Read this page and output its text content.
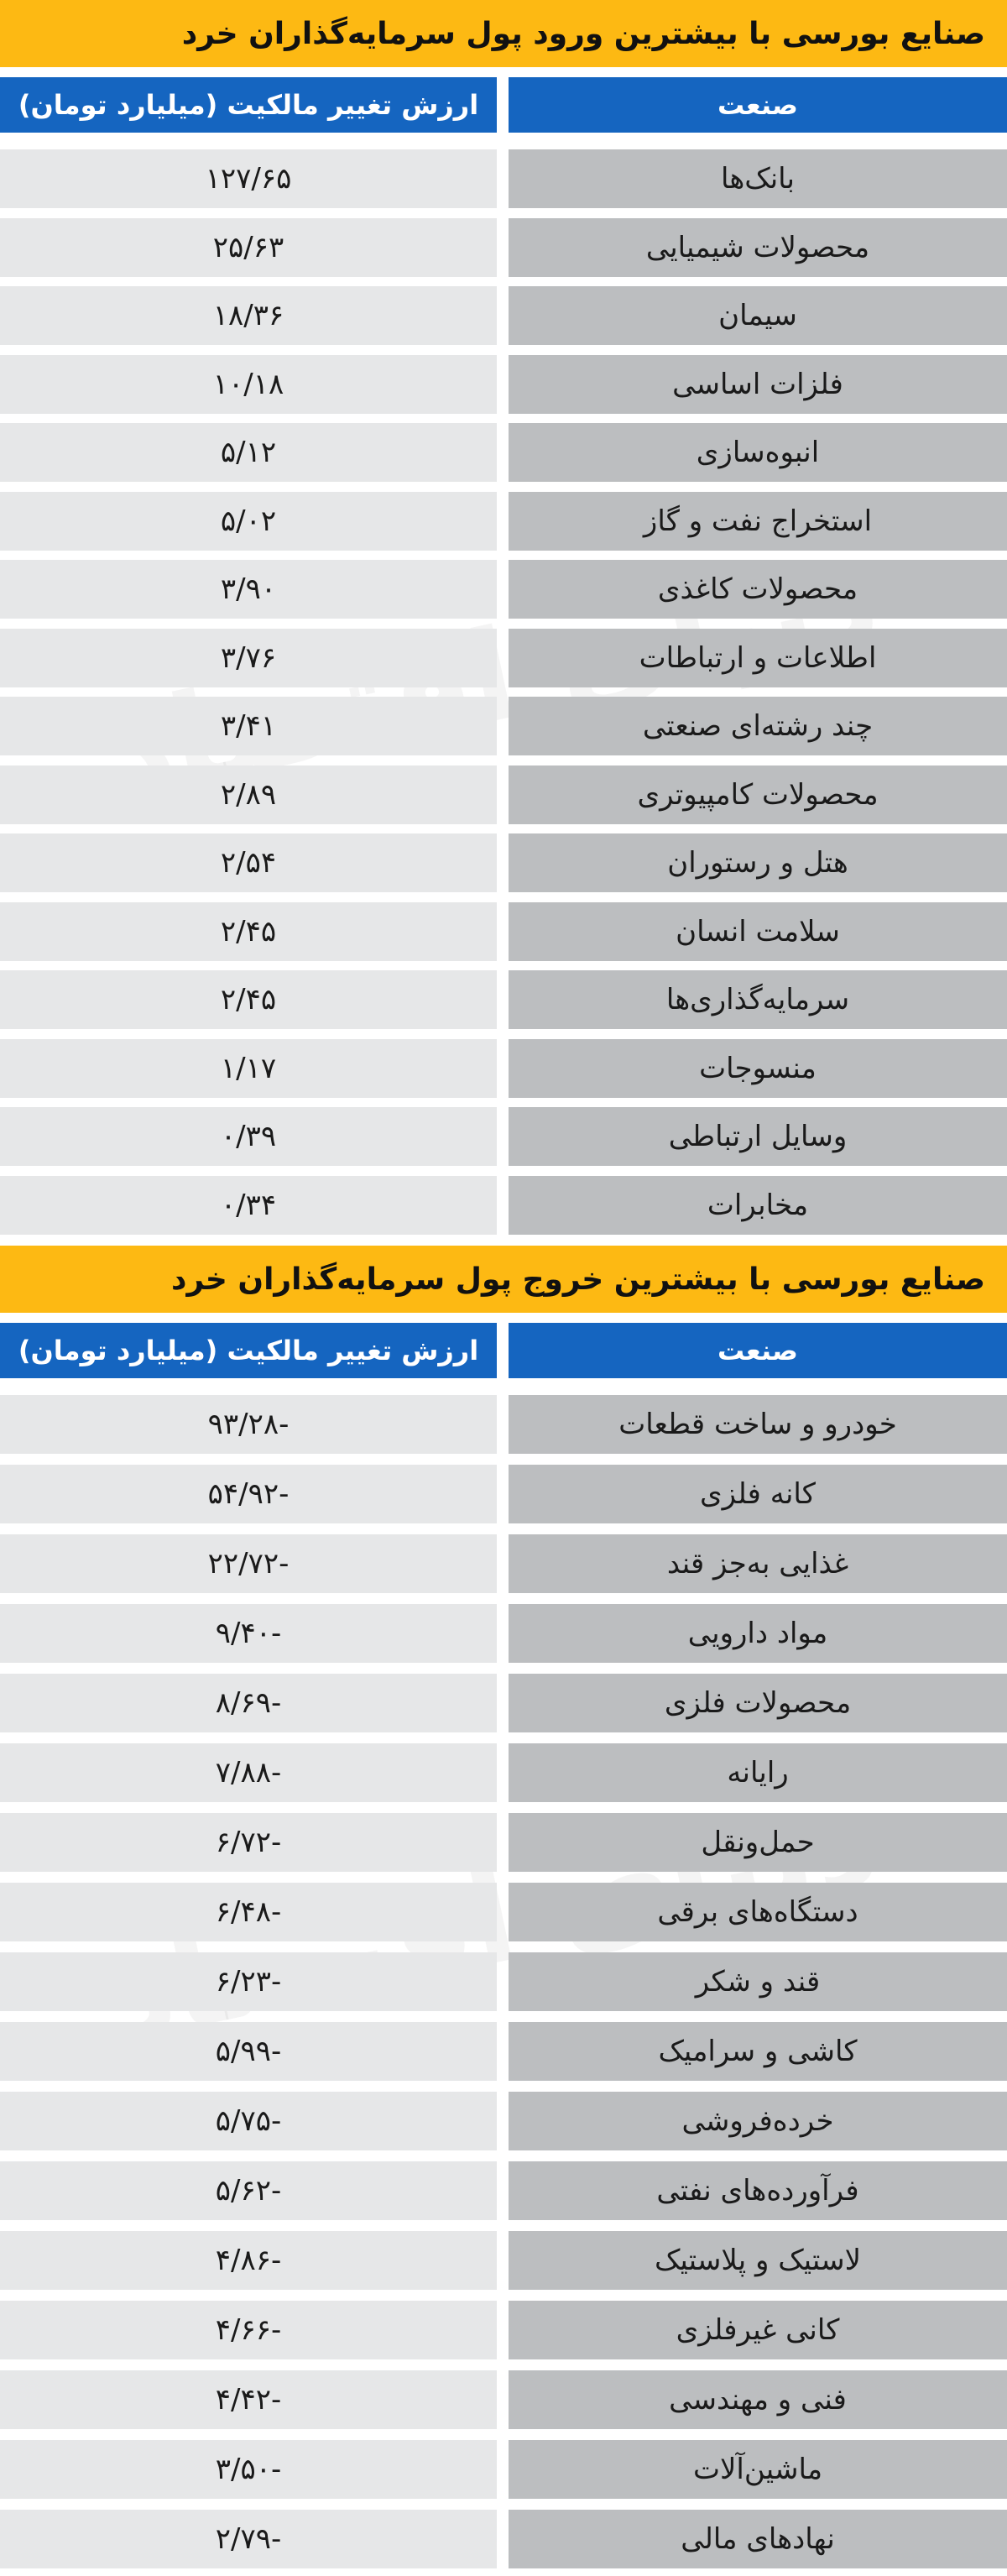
صنایع بورسی با بیشترین ورود پول سرمایه‌گذاران خرد
ارزش تغییر مالکیت (میلیارد تومان)	صنعت
۱۲۷/۶۵	بانک‌ها
۲۵/۶۳	محصولات شیمیایی
۱۸/۳۶	سیمان
۱۰/۱۸	فلزات اساسی
۵/۱۲	انبوه‌سازی
۵/۰۲	استخراج نفت و گاز
۳/۹۰	محصولات کاغذی
۳/۷۶	اطلاعات و ارتباطات
۳/۴۱	چند رشته‌ای صنعتی
۲/۸۹	محصولات کامپیوتری
۲/۵۴	هتل و رستوران
۲/۴۵	سلامت انسان
۲/۴۵	سرمایه‌گذاری‌ها
۱/۱۷	منسوجات
۰/۳۹	وسایل ارتباطی
۰/۳۴	مخابرات
صنایع بورسی با بیشترین خروج پول سرمایه‌گذاران خرد
ارزش تغییر مالکیت (میلیارد تومان)	صنعت
-۹۳/۲۸	خودرو و ساخت قطعات
-۵۴/۹۲	کانه فلزی
-۲۲/۷۲	غذایی به‌جز قند
-۹/۴۰	مواد دارویی
-۸/۶۹	محصولات فلزی
-۷/۸۸	رایانه
-۶/۷۲	حمل‌ونقل
-۶/۴۸	دستگاه‌های برقی
-۶/۲۳	قند و شکر
-۵/۹۹	کاشی و سرامیک
-۵/۷۵	خرده‌فروشی
-۵/۶۲	فرآورده‌های نفتی
-۴/۸۶	لاستیک و پلاستیک
-۴/۶۶	کانی غیرفلزی
-۴/۴۲	فنی و مهندسی
-۳/۵۰	ماشین‌آلات
-۲/۷۹	نهادهای مالی
